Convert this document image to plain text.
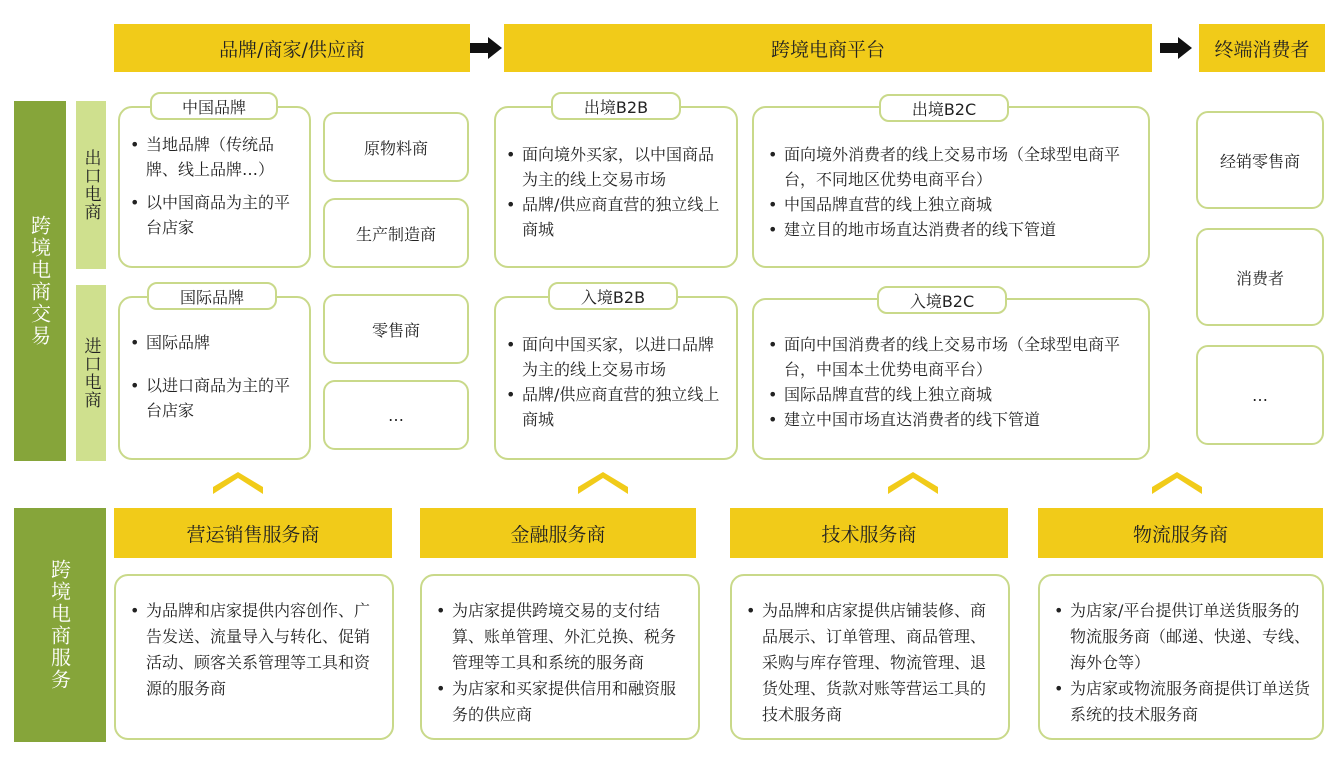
品牌/商家/供应商	跨境电商平台	终端消费者
跨境电商交易
出口电商
进口电商
• 当地品牌（传统品牌、线上品牌…）
• 以中国商品为主的平台店家
中国品牌
原物料商
生产制造商
• 面向境外买家，以中国商品为主的线上交易市场
• 品牌/供应商直营的独立线上商城
出境B2B
• 面向境外消费者的线上交易市场（全球型电商平台，不同地区优势电商平台）
• 中国品牌直营的线上独立商城
• 建立目的地市场直达消费者的线下管道
出境B2C
• 国际品牌
• 以进口商品为主的平台店家
国际品牌
零售商
…
• 面向中国买家，以进口品牌为主的线上交易市场
• 品牌/供应商直营的独立线上商城
入境B2B
• 面向中国消费者的线上交易市场（全球型电商平台，中国本土优势电商平台）
• 国际品牌直营的线上独立商城
• 建立中国市场直达消费者的线下管道
入境B2C
经销零售商
消费者
…
跨境电商服务
营运销售服务商	金融服务商	技术服务商	物流服务商
• 为品牌和店家提供内容创作、广告发送、流量导入与转化、促销活动、顾客关系管理等工具和资源的服务商
• 为店家提供跨境交易的支付结算、账单管理、外汇兑换、税务管理等工具和系统的服务商
• 为店家和买家提供信用和融资服务的供应商
• 为品牌和店家提供店铺装修、商品展示、订单管理、商品管理、采购与库存管理、物流管理、退货处理、货款对账等营运工具的技术服务商
• 为店家/平台提供订单送货服务的物流服务商（邮递、快递、专线、海外仓等）
• 为店家或物流服务商提供订单送货系统的技术服务商
